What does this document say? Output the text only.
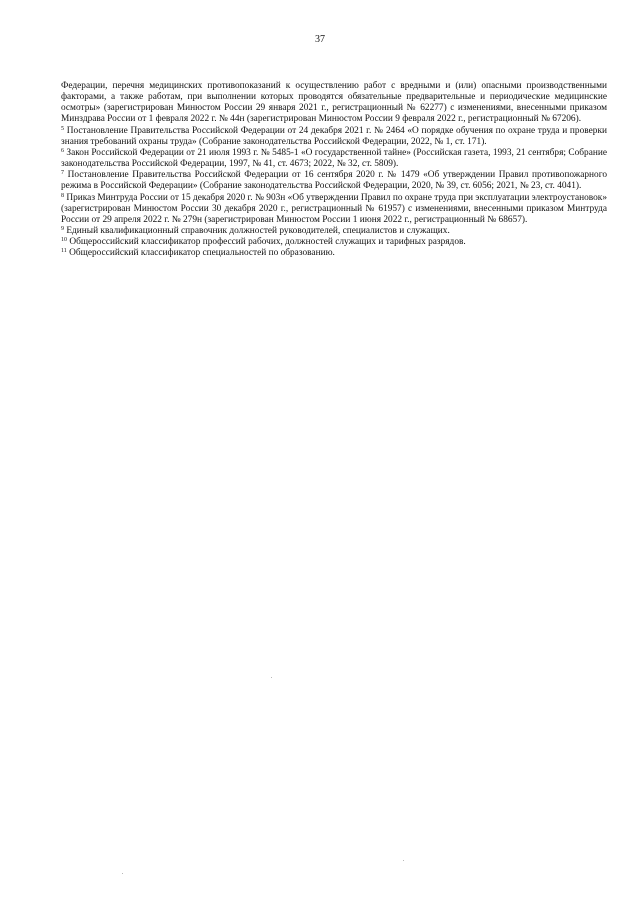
37

Федерации, перечня медицинских противопоказаний к осуществлению работ с вредными и (или) опасными производственными факторами, а также работам, при выполнении которых проводятся обязательные предварительные и периодические медицинские осмотры» (зарегистрирован Минюстом России 29 января 2021 г., регистрационный № 62277) с изменениями, внесенными приказом Минздрава России от 1 февраля 2022 г. № 44н (зарегистрирован Минюстом России 9 февраля 2022 г., регистрационный № 67206).

$^5$ Постановление Правительства Российской Федерации от 24 декабря 2021 г. № 2464 «О порядке обучения по охране труда и проверки знания требований охраны труда» (Собрание законодательства Российской Федерации, 2022, № 1, ст. 171).

$^6$ Закон Российской Федерации от 21 июля 1993 г. № 5485-1 «О государственной тайне» (Российская газета, 1993, 21 сентября; Собрание законодательства Российской Федерации, 1997, № 41, ст. 4673; 2022, № 32, ст. 5809).

$^7$ Постановление Правительства Российской Федерации от 16 сентября 2020 г. № 1479 «Об утверждении Правил противопожарного режима в Российской Федерации» (Собрание законодательства Российской Федерации, 2020, № 39, ст. 6056; 2021, № 23, ст. 4041).

$^8$ Приказ Минтруда России от 15 декабря 2020 г. № 903н «Об утверждении Правил по охране труда при эксплуатации электроустановок» (зарегистрирован Минюстом России 30 декабря 2020 г., регистрационный № 61957) с изменениями, внесенными приказом Минтруда России от 29 апреля 2022 г. № 279н (зарегистрирован Минюстом России 1 июня 2022 г., регистрационный № 68657).

$^9$ Единый квалификационный справочник должностей руководителей, специалистов и служащих.

$^{10}$ Общероссийский классификатор профессий рабочих, должностей служащих и тарифных разрядов.

$^{11}$ Общероссийский классификатор специальностей по образованию.
